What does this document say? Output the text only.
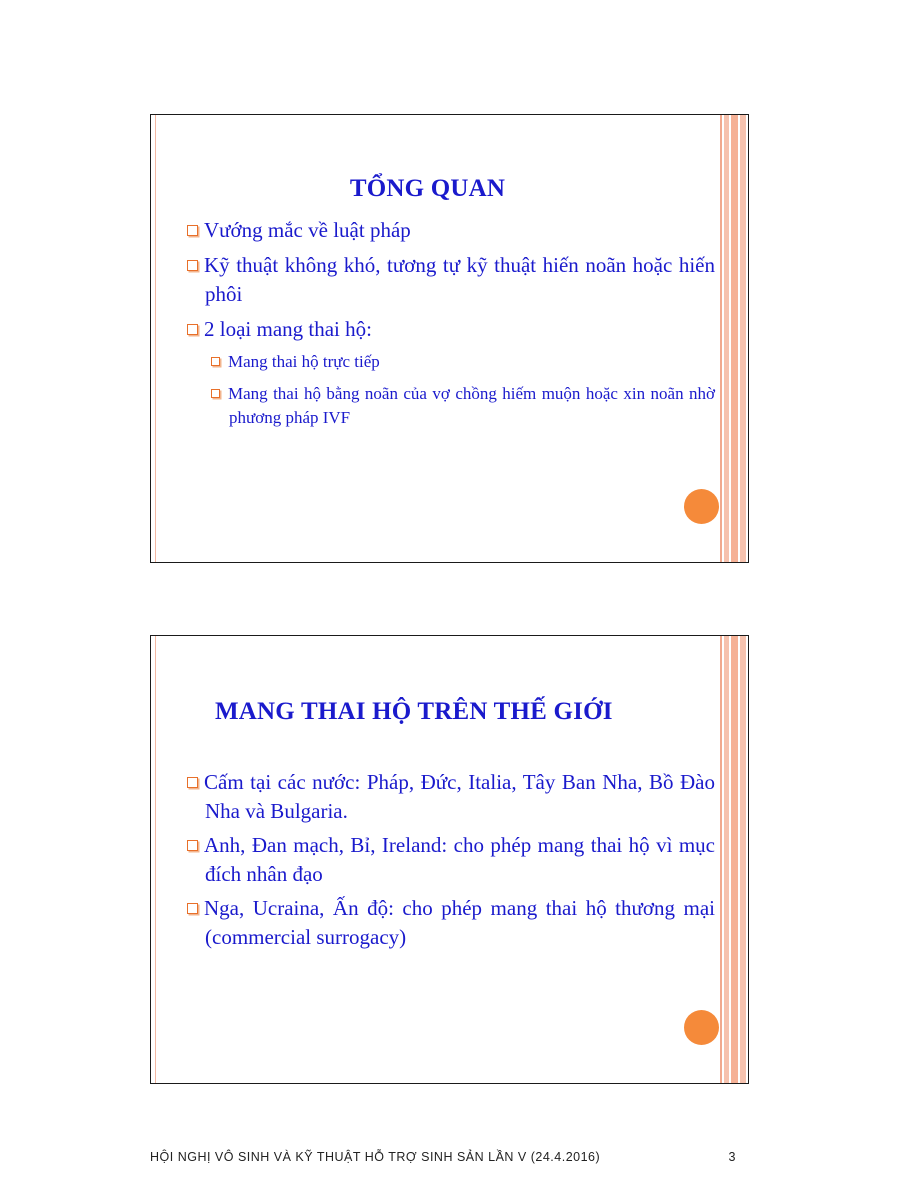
TỔNG QUAN
Vướng mắc về luật pháp
Kỹ thuật không khó, tương tự kỹ thuật hiến noãn hoặc hiến phôi
2 loại mang thai hộ:
Mang thai hộ trực tiếp
Mang thai hộ bằng noãn của vợ chồng hiếm muộn hoặc xin noãn nhờ phương pháp IVF
MANG THAI HỘ TRÊN THẾ GIỚI
Cấm tại các nước: Pháp, Đức, Italia, Tây Ban Nha, Bồ Đào Nha và Bulgaria.
Anh, Đan mạch, Bỉ, Ireland: cho phép mang thai hộ vì mục đích nhân đạo
Nga, Ucraina, Ấn độ: cho phép mang thai hộ thương mại (commercial surrogacy)
HỘI NGHỊ VÔ SINH VÀ KỸ THUẬT HỖ TRỢ SINH SẢN LẦN V (24.4.2016)	3
